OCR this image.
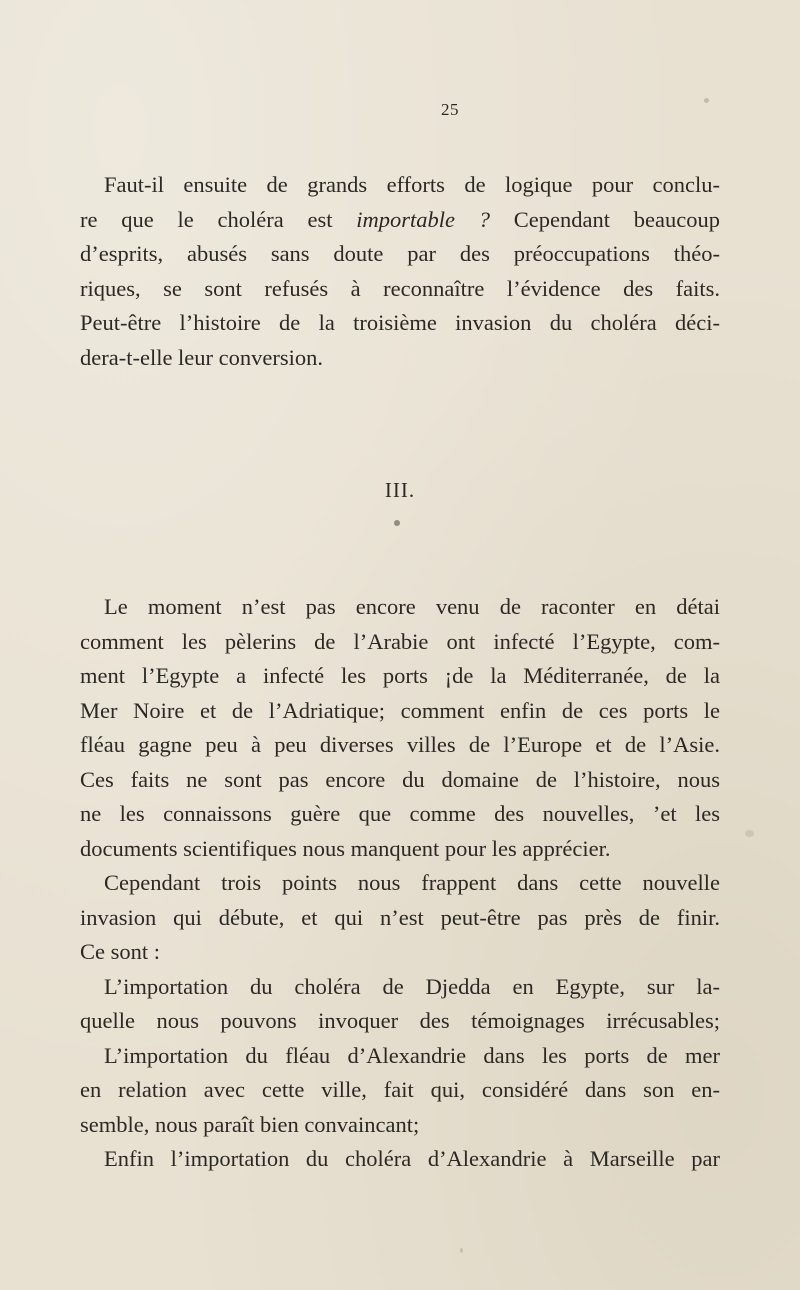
25
Faut-il ensuite de grands efforts de logique pour conclu-
re que le choléra est importable ? Cependant beaucoup
d’esprits, abusés sans doute par des préoccupations théo-
riques, se sont refusés à reconnaître l’évidence des faits.
Peut-être l’histoire de la troisième invasion du choléra déci-
dera-t-elle leur conversion.
III.
Le moment n’est pas encore venu de raconter en détai
comment les pèlerins de l’Arabie ont infecté l’Egypte, com-
ment l’Egypte a infecté les ports ¡de la Méditerranée, de la
Mer Noire et de l’Adriatique; comment enfin de ces ports le
fléau gagne peu à peu diverses villes de l’Europe et de l’Asie.
Ces faits ne sont pas encore du domaine de l’histoire, nous
ne les connaissons guère que comme des nouvelles, ’et les
documents scientifiques nous manquent pour les apprécier.
Cependant trois points nous frappent dans cette nouvelle
invasion qui débute, et qui n’est peut-être pas près de finir.
Ce sont :
L’importation du choléra de Djedda en Egypte, sur la-
quelle nous pouvons invoquer des témoignages irrécusables;
L’importation du fléau d’Alexandrie dans les ports de mer
en relation avec cette ville, fait qui, considéré dans son en-
semble, nous paraît bien convaincant;
Enfin l’importation du choléra d’Alexandrie à Marseille par
